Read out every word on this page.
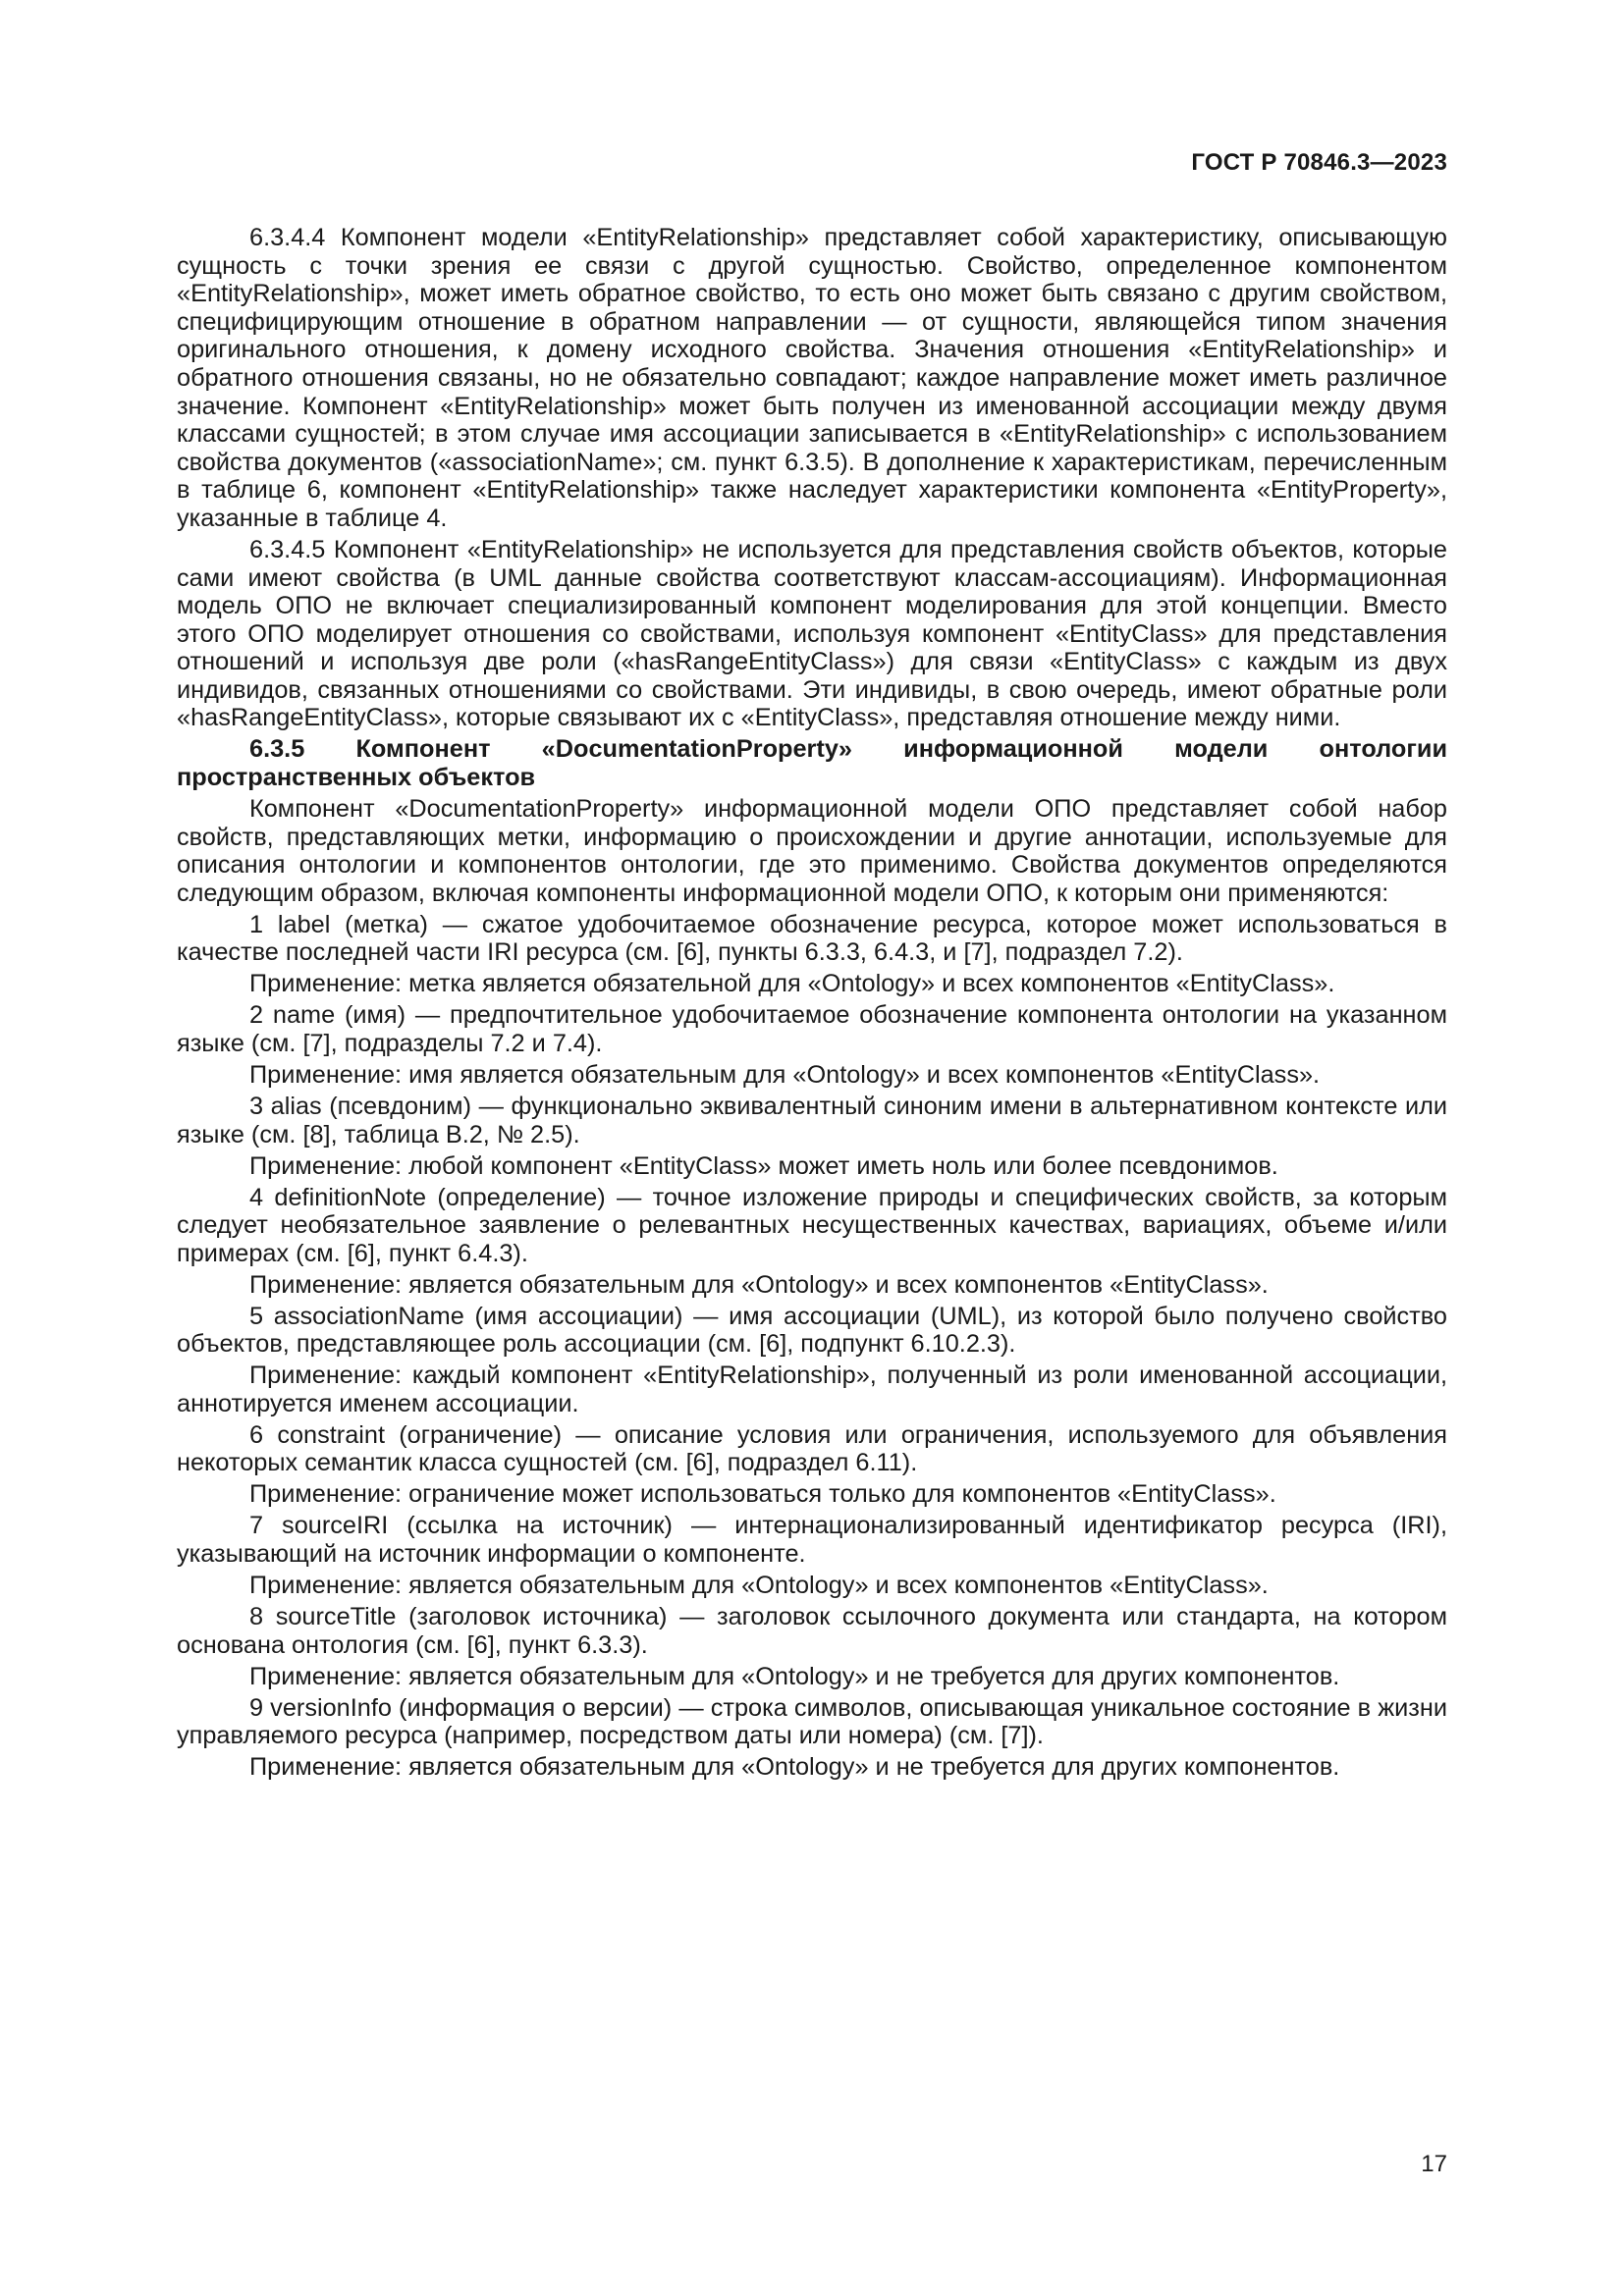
ГОСТ Р 70846.3—2023

6.3.4.4 Компонент модели «EntityRelationship» представляет собой характеристику, описывающую сущность с точки зрения ее связи с другой сущностью. Свойство, определенное компонентом «EntityRelationship», может иметь обратное свойство, то есть оно может быть связано с другим свойством, специфицирующим отношение в обратном направлении — от сущности, являющейся типом значения оригинального отношения, к домену исходного свойства. Значения отношения «EntityRelationship» и обратного отношения связаны, но не обязательно совпадают; каждое направление может иметь различное значение. Компонент «EntityRelationship» может быть получен из именованной ассоциации между двумя классами сущностей; в этом случае имя ассоциации записывается в «EntityRelationship» с использованием свойства документов («associationName»; см. пункт 6.3.5). В дополнение к характеристикам, перечисленным в таблице 6, компонент «EntityRelationship» также наследует характеристики компонента «EntityProperty», указанные в таблице 4.

6.3.4.5 Компонент «EntityRelationship» не используется для представления свойств объектов, которые сами имеют свойства (в UML данные свойства соответствуют классам-ассоциациям). Информационная модель ОПО не включает специализированный компонент моделирования для этой концепции. Вместо этого ОПО моделирует отношения со свойствами, используя компонент «EntityClass» для представления отношений и используя две роли («hasRangeEntityClass») для связи «EntityClass» с каждым из двух индивидов, связанных отношениями со свойствами. Эти индивиды, в свою очередь, имеют обратные роли «hasRangeEntityClass», которые связывают их с «EntityClass», представляя отношение между ними.

6.3.5 Компонент «DocumentationProperty» информационной модели онтологии пространственных объектов

Компонент «DocumentationProperty» информационной модели ОПО представляет собой набор свойств, представляющих метки, информацию о происхождении и другие аннотации, используемые для описания онтологии и компонентов онтологии, где это применимо. Свойства документов определяются следующим образом, включая компоненты информационной модели ОПО, к которым они применяются:

1 label (метка) — сжатое удобочитаемое обозначение ресурса, которое может использоваться в качестве последней части IRI ресурса (см. [6], пункты 6.3.3, 6.4.3, и [7], подраздел 7.2).

Применение: метка является обязательной для «Ontology» и всех компонентов «EntityClass».

2 name (имя) — предпочтительное удобочитаемое обозначение компонента онтологии на указанном языке (см. [7], подразделы 7.2 и 7.4).

Применение: имя является обязательным для «Ontology» и всех компонентов «EntityClass».

3 alias (псевдоним) — функционально эквивалентный синоним имени в альтернативном контексте или языке (см. [8], таблица B.2, № 2.5).

Применение: любой компонент «EntityClass» может иметь ноль или более псевдонимов.

4 definitionNote (определение) — точное изложение природы и специфических свойств, за которым следует необязательное заявление о релевантных несущественных качествах, вариациях, объеме и/или примерах (см. [6], пункт 6.4.3).

Применение: является обязательным для «Ontology» и всех компонентов «EntityClass».

5 associationName (имя ассоциации) — имя ассоциации (UML), из которой было получено свойство объектов, представляющее роль ассоциации (см. [6], подпункт 6.10.2.3).

Применение: каждый компонент «EntityRelationship», полученный из роли именованной ассоциации, аннотируется именем ассоциации.

6 constraint (ограничение) — описание условия или ограничения, используемого для объявления некоторых семантик класса сущностей (см. [6], подраздел 6.11).

Применение: ограничение может использоваться только для компонентов «EntityClass».

7 sourceIRI (ссылка на источник) — интернационализированный идентификатор ресурса (IRI), указывающий на источник информации о компоненте.

Применение: является обязательным для «Ontology» и всех компонентов «EntityClass».

8 sourceTitle (заголовок источника) — заголовок ссылочного документа или стандарта, на котором основана онтология (см. [6], пункт 6.3.3).

Применение: является обязательным для «Ontology» и не требуется для других компонентов.

9 versionInfo (информация о версии) — строка символов, описывающая уникальное состояние в жизни управляемого ресурса (например, посредством даты или номера) (см. [7]).

Применение: является обязательным для «Ontology» и не требуется для других компонентов.

17
